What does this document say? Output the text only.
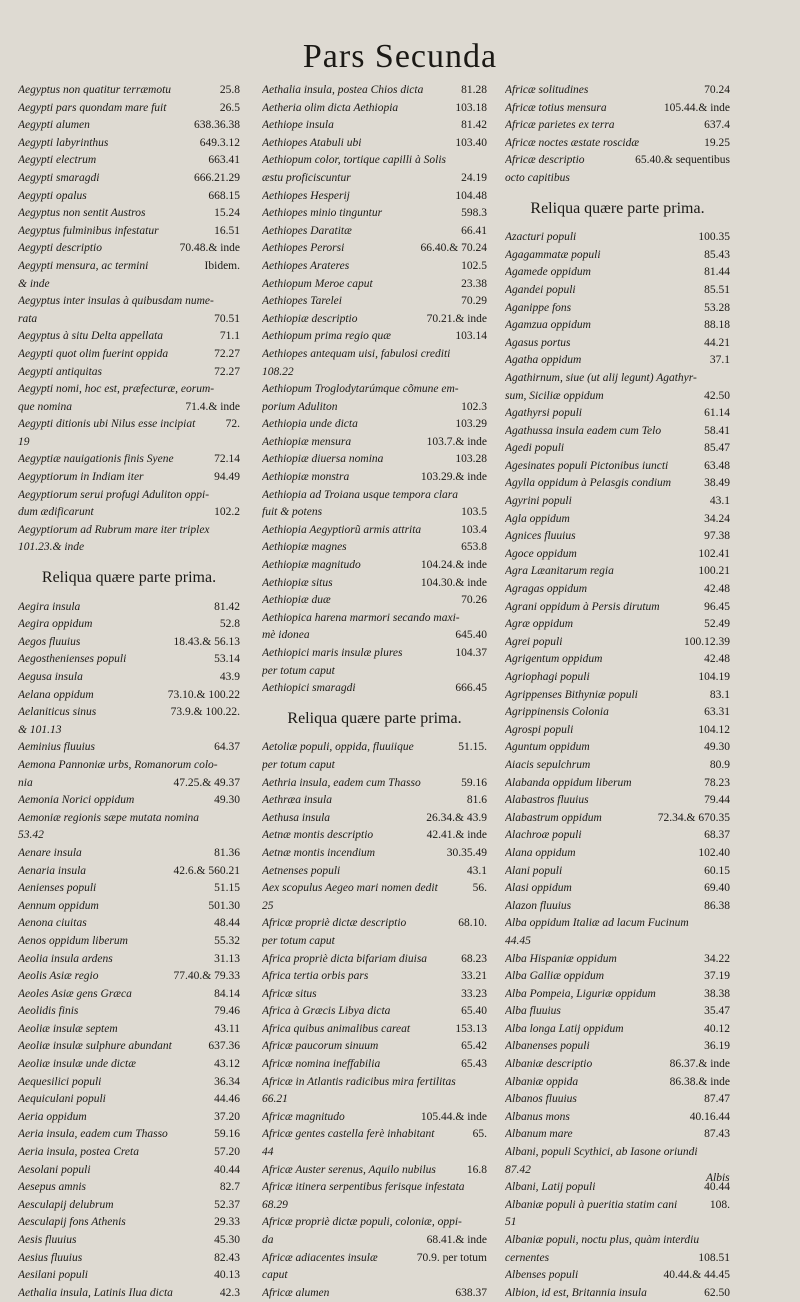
Pars Secunda
Aegyptus non quatitur terræmotu	25.8
Aegypti pars quondam mare fuit	26.5
Aegypti alumen	638.36.38
Aegypti labyrinthus	649.3.12
Aegypti electrum	663.41
Aegypti smaragdi	666.21.29
Aegypti opalus	668.15
Aegyptus non sentit Austros	15.24
Aegyptus fulminibus infestatur	16.51
Aegypti descriptio	70.48.& inde
Aegypti mensura, ac termini	Ibidem.
& inde
Aegyptus inter insulas à quibusdam nume-
rata	70.51
Aegyptus à situ Delta appellata	71.1
Aegypti quot olim fuerint oppida	72.27
Aegypti antiquitas	72.27
Aegypti nomi, hoc est, præfecturæ, eorum-
que nomina	71.4.& inde
Aegypti ditionis ubi Nilus esse incipiat	72.
19
Aegyptiæ nauigationis finis Syene	72.14
Aegyptiorum in Indiam iter	94.49
Aegyptiorum serui profugi Aduliton oppi-
dum ædificarunt	102.2
Aegyptiorum ad Rubrum mare iter triplex
101.23.& inde
Reliqua quære parte prima.
Aegira insula	81.42
Aegira oppidum	52.8
Aegos fluuius	18.43.& 56.13
Aegosthenienses populi	53.14
Aegusa insula	43.9
Aelana oppidum	73.10.& 100.22
Aelaniticus sinus	73.9.& 100.22.
& 101.13
Aeminius fluuius	64.37
Aemona Pannoniæ urbs, Romanorum colo-
nia	47.25.& 49.37
Aemonia Norici oppidum	49.30
Aemoniæ regionis sæpe mutata nomina
53.42
Aenare insula	81.36
Aenaria insula	42.6.& 560.21
Aenienses populi	51.15
Aennum oppidum	501.30
Aenona ciuitas	48.44
Aenos oppidum liberum	55.32
Aeolia insula ardens	31.13
Aeolis Asiæ regio	77.40.& 79.33
Aeoles Asiæ gens Græca	84.14
Aeolidis finis	79.46
Aeoliæ insulæ septem	43.11
Aeoliæ insulæ sulphure abundant	637.36
Aeoliæ insulæ unde dictæ	43.12
Aequesilici populi	36.34
Aequiculani populi	44.46
Aeria oppidum	37.20
Aeria insula, eadem cum Thasso	59.16
Aeria insula, postea Creta	57.20
Aesolani populi	40.44
Aesepus amnis	82.7
Aesculapij delubrum	52.37
Aesculapij fons Athenis	29.33
Aesis fluuius	45.30
Aesius fluuius	82.43
Aesilani populi	40.13
Aethalia insula, Latinis Ilua dicta	42.3
Aethalia insula, postea Chios dicta	81.28
Aetheria olim dicta Aethiopia	103.18
Aethiope insula	81.42
Aethiopes Atabuli ubi	103.40
Aethiopum color, tortique capilli à Solis
æstu proficiscuntur	24.19
Aethiopes Hesperij	104.48
Aethiopes minio tinguntur	598.3
Aethiopes Daratitæ	66.41
Aethiopes Perorsi	66.40.& 70.24
Aethiopes Arateres	102.5
Aethiopum Meroe caput	23.38
Aethiopes Tarelei	70.29
Aethiopiæ descriptio	70.21.& inde
Aethiopum prima regio quæ	103.14
Aethiopes antequam uisi, fabulosi crediti
108.22
Aethiopum Troglodytarúmque cõmune em-
porium Aduliton	102.3
Aethiopia unde dicta	103.29
Aethiopiæ mensura	103.7.& inde
Aethiopiæ diuersa nomina	103.28
Aethiopiæ monstra	103.29.& inde
Aethiopia ad Troiana usque tempora clara
fuit & potens	103.5
Aethiopia Aegyptiorũ armis attrita	103.4
Aethiopiæ magnes	653.8
Aethiopiæ magnitudo	104.24.& inde
Aethiopiæ situs	104.30.& inde
Aethiopiæ duæ	70.26
Aethiopica harena marmori secando maxi-
mè idonea	645.40
Aethiopici maris insulæ plures	104.37
per totum caput
Aethiopici smaragdi	666.45
Reliqua quære parte prima.
Aetoliæ populi, oppida, fluuiique	51.15.
per totum caput
Aethria insula, eadem cum Thasso	59.16
Aethræa insula	81.6
Aethusa insula	26.34.& 43.9
Aetnæ montis descriptio	42.41.& inde
Aetnæ montis incendium	30.35.49
Aetnenses populi	43.1
Aex scopulus Aegeo mari nomen dedit	56.
25
Africæ propriè dictæ descriptio	68.10.
per totum caput
Africa propriè dicta bifariam diuisa	68.23
Africa tertia orbis pars	33.21
Africæ situs	33.23
Africa à Græcis Libya dicta	65.40
Africa quibus animalibus careat	153.13
Africæ paucorum sinuum	65.42
Africæ nomina ineffabilia	65.43
Africæ in Atlantis radicibus mira fertilitas
66.21
Africæ magnitudo	105.44.& inde
Africæ gentes castella ferè inhabitant	65.
44
Africæ Auster serenus, Aquilo nubilus	16.8
Africæ itinera serpentibus ferisque infestata
68.29
Africæ propriè dictæ populi, coloniæ, oppi-
da	68.41.& inde
Africæ adiacentes insulæ	70.9. per totum
caput
Africæ alumen	638.37
Africæ solitudines	70.24
Africæ totius mensura	105.44.& inde
Africæ parietes ex terra	637.4
Africæ noctes æstate roscidæ	19.25
Africæ descriptio	65.40.& sequentibus
octo capitibus
Reliqua quære parte prima.
Azacturi populi	100.35
Agagammatæ populi	85.43
Agamede oppidum	81.44
Agandei populi	85.51
Aganippe fons	53.28
Agamzua oppidum	88.18
Agasus portus	44.21
Agatha oppidum	37.1
Agathirnum, siue (ut alij legunt) Agathyr-
sum, Siciliæ oppidum	42.50
Agathyrsi populi	61.14
Agathussa insula eadem cum Telo	58.41
Agedi populi	85.47
Agesinates populi Pictonibus iuncti	63.48
Agylla oppidum à Pelasgis condium	38.49
Agyrini populi	43.1
Agla oppidum	34.24
Agnices fluuius	97.38
Agoce oppidum	102.41
Agra Læanitarum regia	100.21
Agragas oppidum	42.48
Agrani oppidum à Persis dirutum	96.45
Agræ oppidum	52.49
Agrei populi	100.12.39
Agrigentum oppidum	42.48
Agriophagi populi	104.19
Agrippenses Bithyniæ populi	83.1
Agrippinensis Colonia	63.31
Agrospi populi	104.12
Aguntum oppidum	49.30
Aiacis sepulchrum	80.9
Alabanda oppidum liberum	78.23
Alabastros fluuius	79.44
Alabastrum oppidum	72.34.& 670.35
Alachroæ populi	68.37
Alana oppidum	102.40
Alani populi	60.15
Alasi oppidum	69.40
Alazon fluuius	86.38
Alba oppidum Italiæ ad lacum Fucinum
44.45
Alba Hispaniæ oppidum	34.22
Alba Galliæ oppidum	37.19
Alba Pompeia, Liguriæ oppidum	38.38
Alba fluuius	35.47
Alba longa Latij oppidum	40.12
Albanenses populi	36.19
Albaniæ descriptio	86.37.& inde
Albaniæ oppida	86.38.& inde
Albanos fluuius	87.47
Albanus mons	40.16.44
Albanum mare	87.43
Albani, populi Scythici, ab Iasone oriundi
87.42
Albani, Latij populi	40.44
Albaniæ populi à pueritia statim cani	108.
51
Albaniæ populi, noctu plus, quàm interdiu
cernentes	108.51
Albenses populi	40.44.& 44.45
Albion, id est, Britannia insula	62.50
Albis
